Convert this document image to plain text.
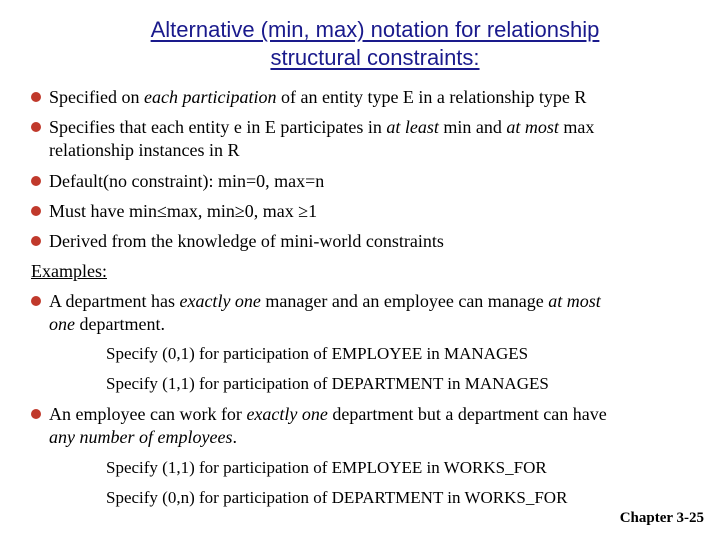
Alternative (min, max) notation for relationship
structural constraints:
Specified on each participation of an entity type E in a relationship type R
Specifies that each entity e in E participates in at least min and at most max
relationship instances in R
Default(no constraint): min=0, max=n
Must have min≤max, min≥0, max ≥1
Derived from the knowledge of mini-world constraints
Examples:
A department has exactly one manager and an employee can manage at most
one department.
Specify (0,1) for participation of EMPLOYEE in MANAGES
Specify (1,1) for participation of DEPARTMENT in MANAGES
An employee can work for exactly one department but a department can have
any number of employees.
Specify (1,1) for participation of EMPLOYEE in WORKS_FOR
Specify (0,n) for participation of DEPARTMENT in WORKS_FOR
Chapter 3-25
